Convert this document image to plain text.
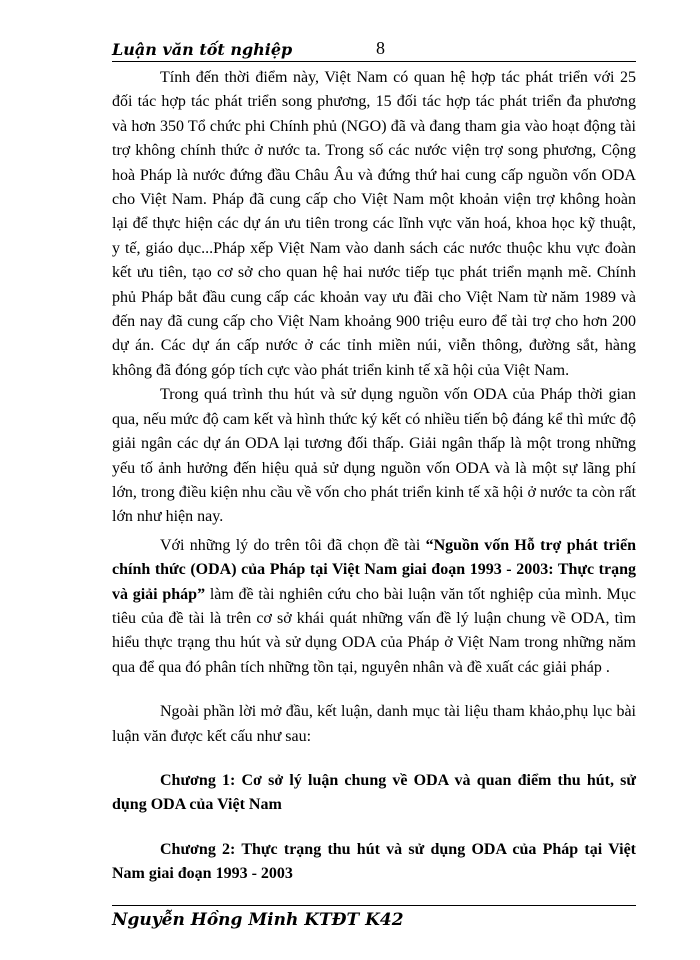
Luận văn tốt nghiệp	8

Tính đến thời điểm này, Việt Nam có quan hệ hợp tác phát triển với 25 đối tác hợp tác phát triển song phương, 15 đối tác hợp tác phát triển đa phương và hơn 350 Tổ chức phi Chính phủ (NGO) đã và đang tham gia vào hoạt động tài trợ không chính thức ở nước ta. Trong số các nước viện trợ song phương, Cộng hoà Pháp là nước đứng đầu Châu Âu và đứng thứ hai cung cấp nguồn vốn ODA cho Việt Nam. Pháp đã cung cấp cho Việt Nam một khoản viện trợ không hoàn lại để thực hiện các dự án ưu tiên trong các lĩnh vực văn hoá, khoa học kỹ thuật, y tế, giáo dục...Pháp xếp Việt Nam vào danh sách các nước thuộc khu vực đoàn kết ưu tiên, tạo cơ sở cho quan hệ hai nước tiếp tục phát triển mạnh mẽ. Chính phủ Pháp bắt đầu cung cấp các khoản vay ưu đãi cho Việt Nam từ năm 1989 và đến nay đã cung cấp cho Việt Nam khoảng 900 triệu euro để tài trợ cho hơn 200 dự án. Các dự án cấp nước ở các tỉnh miền núi, viễn thông, đường sắt, hàng không đã đóng góp tích cực vào phát triển kinh tế xã hội của Việt Nam.

Trong quá trình thu hút và sử dụng nguồn vốn ODA của Pháp thời gian qua, nếu mức độ cam kết và hình thức ký kết có nhiều tiến bộ đáng kể thì mức độ giải ngân các dự án ODA lại tương đối thấp. Giải ngân thấp là một trong những yếu tố ảnh hưởng đến hiệu quả sử dụng nguồn vốn ODA và là một sự lãng phí lớn, trong điều kiện nhu cầu về vốn cho phát triển kinh tế xã hội ở nước ta còn rất lớn như hiện nay.

Với những lý do trên tôi đã chọn đề tài “Nguồn vốn Hỗ trợ phát triển chính thức (ODA) của Pháp tại Việt Nam giai đoạn 1993 - 2003: Thực trạng và giải pháp” làm đề tài nghiên cứu cho bài luận văn tốt nghiệp của mình. Mục tiêu của đề tài là trên cơ sở khái quát những vấn đề lý luận chung về ODA, tìm hiểu thực trạng thu hút và sử dụng ODA của Pháp ở Việt Nam trong những năm qua để qua đó phân tích những tồn tại, nguyên nhân và đề xuất các giải pháp .

Ngoài phần lời mở đầu, kết luận, danh mục tài liệu tham khảo,phụ lục bài luận văn được kết cấu như sau:

Chương 1: Cơ sở lý luận chung về ODA và quan điểm thu hút, sử dụng ODA của Việt Nam

Chương 2: Thực trạng thu hút và sử dụng ODA của Pháp tại Việt Nam giai đoạn 1993 - 2003

Nguyễn Hồng Minh KTĐT K42
